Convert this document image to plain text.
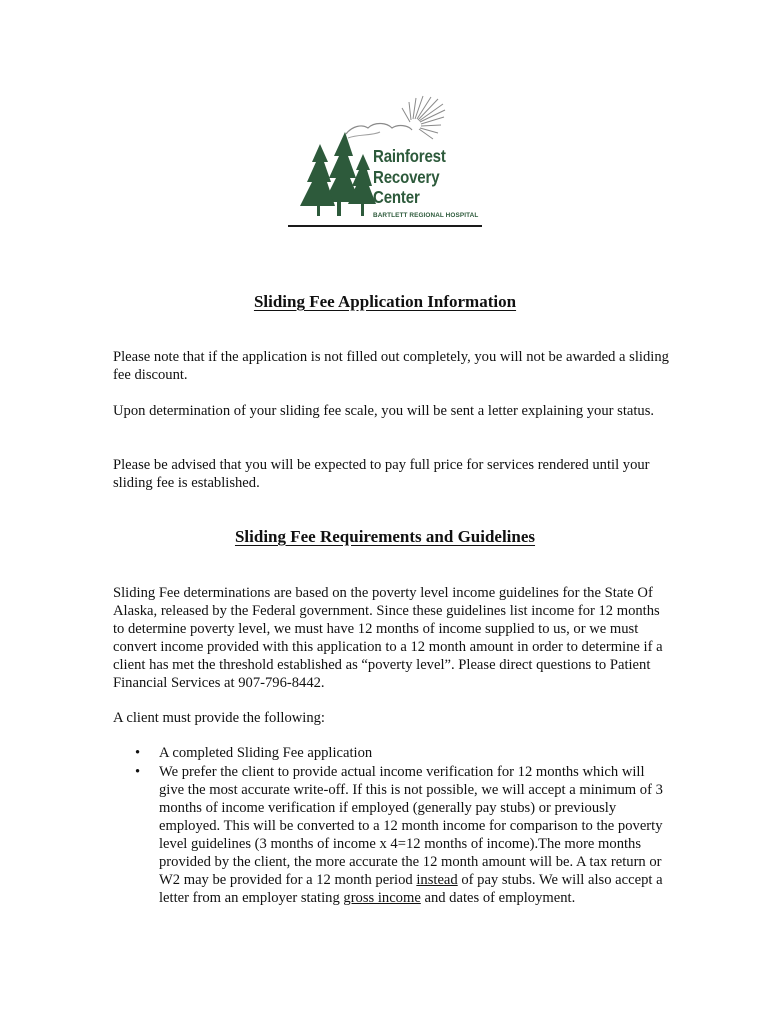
Rainforest
Recovery
Center
BARTLETT REGIONAL HOSPITAL
Sliding Fee Application Information

Please note that if the application is not filled out completely, you will not be awarded a sliding fee discount.

Upon determination of your sliding fee scale, you will be sent a letter explaining your status.

Please be advised that you will be expected to pay full price for services rendered until your sliding fee is established.

Sliding Fee Requirements and Guidelines

Sliding Fee determinations are based on the poverty level income guidelines for the State Of Alaska, released by the Federal government. Since these guidelines list income for 12 months to determine poverty level, we must have 12 months of income supplied to us, or we must convert income provided with this application to a 12 month amount in order to determine if a client has met the threshold established as “poverty level”. Please direct questions to Patient Financial Services at 907-796-8442.

A client must provide the following:

• A completed Sliding Fee application
• We prefer the client to provide actual income verification for 12 months which will give the most accurate write-off. If this is not possible, we will accept a minimum of 3 months of income verification if employed (generally pay stubs) or previously employed. This will be converted to a 12 month income for comparison to the poverty level guidelines (3 months of income x 4=12 months of income).The more months provided by the client, the more accurate the 12 month amount will be. A tax return or W2 may be provided for a 12 month period instead of pay stubs. We will also accept a letter from an employer stating gross income and dates of employment.
